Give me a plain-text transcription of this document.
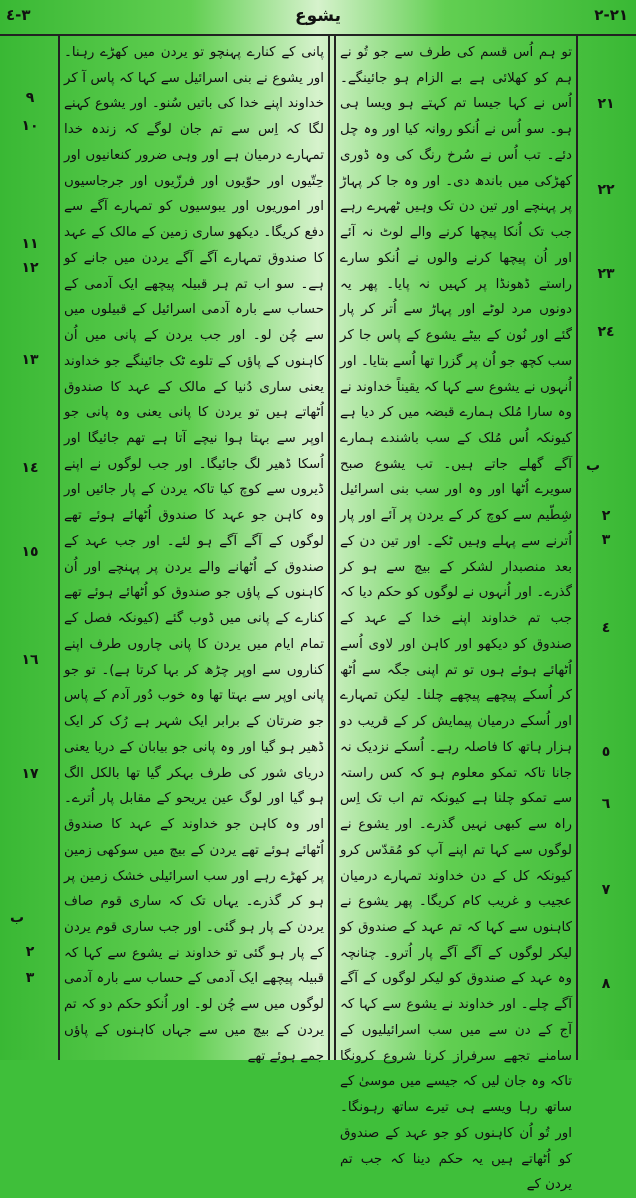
٣-٤	یشوع	٢١-٢
٢١
٢٢
٢٣
٢٤
ب
٢
٣
٤
٥
٦
٧
٨
٩
١٠
١١
١٢
١٣
١٤
١٥
١٦
١٧
ب
٢
٣

تو ہم اُس قسم کی طرف سے جو تُو نے ہم کو کھلائی ہے بے الزام ہو جائینگے۔ اُس نے کہا جیسا تم کہتے ہو ویسا ہی ہو۔ سو اُس نے اُنکو روانہ کیا اور وہ چل دئے۔ تب اُس نے سُرخ رنگ کی وہ ڈوری کھڑکی میں باندھ دی۔ اور وہ جا کر پہاڑ پر پہنچے اور تین دن تک وہیں ٹھہرے رہے جب تک اُنکا پیچھا کرنے والے لوٹ نہ آئے اور اُن پیچھا کرنے والوں نے اُنکو سارے راستے ڈھونڈا پر کہیں نہ پایا۔ پھر یہ دونوں مرد لوٹے اور پہاڑ سے اُتر کر پار گئے اور نُون کے بیٹے یشوع کے پاس جا کر سب کچھ جو اُن پر گزرا تھا اُسے بتایا۔ اور اُنہوں نے یشوع سے کہا کہ یقیناً خداوند نے وہ سارا مُلک ہمارے قبضہ میں کر دیا ہے کیونکہ اُس مُلک کے سب باشندے ہمارے آگے گھلے جاتے ہیں۔ تب یشوع صبح سویرے اُٹھا اور وہ اور سب بنی اسرائیل شِطّیم سے کوچ کر کے یردن پر آئے اور پار اُترنے سے پہلے وہیں ٹکے۔ اور تین دن کے بعد منصبدار لشکر کے بیچ سے ہو کر گذرے۔ اور اُنہوں نے لوگوں کو حکم دیا کہ جب تم خداوند اپنے خدا کے عہد کے صندوق کو دیکھو اور کاہن اور لاوی اُسے اُٹھائے ہوئے ہوں تو تم اپنی جگہ سے اُٹھ کر اُسکے پیچھے پیچھے چلنا۔ لیکن تمہارے اور اُسکے درمیان پیمایش کر کے قریب دو ہزار ہاتھ کا فاصلہ رہے۔ اُسکے نزدیک نہ جانا تاکہ تمکو معلوم ہو کہ کس راستہ سے تمکو چلنا ہے کیونکہ تم اب تک اِس راہ سے کبھی نہیں گذرے۔ اور یشوع نے لوگوں سے کہا تم اپنے آپ کو مُقدّس کرو کیونکہ کل کے دن خداوند تمہارے درمیان عجیب و غریب کام کریگا۔ پھر یشوع نے کاہنوں سے کہا کہ تم عہد کے صندوق کو لیکر لوگوں کے آگے آگے پار اُترو۔ چنانچہ وہ عہد کے صندوق کو لیکر لوگوں کے آگے آگے چلے۔ اور خداوند نے یشوع سے کہا کہ آج کے دن سے میں سب اسرائیلیوں کے سامنے تجھے سرفراز کرنا شروع کرونگا تاکہ وہ جان لیں کہ جیسے میں موسیٰ کے ساتھ رہا ویسے ہی تیرے ساتھ رہونگا۔ اور تُو اُن کاہنوں کو جو عہد کے صندوق کو اُٹھاتے ہیں یہ حکم دینا کہ جب تم یردن کے

پانی کے کنارے پہنچو تو یردن میں کھڑے رہنا۔ اور یشوع نے بنی اسرائیل سے کہا کہ پاس آ کر خداوند اپنے خدا کی باتیں سُنو۔ اور یشوع کہنے لگا کہ اِس سے تم جان لوگے کہ زندہ خدا تمہارے درمیان ہے اور وہی ضرور کنعانیوں اور حِتّیوں اور حوّیوں اور فرزّیوں اور جرجاسیوں اور اموریوں اور یبوسیوں کو تمہارے آگے سے دفع کریگا۔ دیکھو ساری زمین کے مالک کے عہد کا صندوق تمہارے آگے آگے یردن میں جانے کو ہے۔ سو اب تم ہر قبیلہ پیچھے ایک آدمی کے حساب سے بارہ آدمی اسرائیل کے قبیلوں میں سے چُن لو۔ اور جب یردن کے پانی میں اُن کاہنوں کے پاؤں کے تلوے ٹک جائینگے جو خداوند یعنی ساری دُنیا کے مالک کے عہد کا صندوق اُٹھاتے ہیں تو یردن کا پانی یعنی وہ پانی جو اوپر سے بہتا ہوا نیچے آتا ہے تھم جائیگا اور اُسکا ڈھیر لگ جائیگا۔ اور جب لوگوں نے اپنے ڈیروں سے کوچ کیا تاکہ یردن کے پار جائیں اور وہ کاہن جو عہد کا صندوق اُٹھائے ہوئے تھے لوگوں کے آگے آگے ہو لئے۔ اور جب عہد کے صندوق کے اُٹھانے والے یردن پر پہنچے اور اُن کاہنوں کے پاؤں جو صندوق کو اُٹھائے ہوئے تھے کنارے کے پانی میں ڈوب گئے (کیونکہ فصل کے تمام ایام میں یردن کا پانی چاروں طرف اپنے کناروں سے اوپر چڑھ کر بہا کرتا ہے)۔ تو جو پانی اوپر سے بہتا تھا وہ خوب دُور آدم کے پاس جو ضرتان کے برابر ایک شہر ہے رُک کر ایک ڈھیر ہو گیا اور وہ پانی جو بیابان کے دریا یعنی دریای شور کی طرف بہکر گیا تھا بالکل الگ ہو گیا اور لوگ عین یریحو کے مقابل پار اُترے۔ اور وہ کاہن جو خداوند کے عہد کا صندوق اُٹھائے ہوئے تھے یردن کے بیچ میں سوکھی زمین پر کھڑے رہے اور سب اسرائیلی خشک زمین پر ہو کر گذرے۔ یہاں تک کہ ساری قوم صاف یردن کے پار ہو گئی۔ اور جب ساری قوم یردن کے پار ہو گئی تو خداوند نے یشوع سے کہا کہ قبیلہ پیچھے ایک آدمی کے حساب سے بارہ آدمی لوگوں میں سے چُن لو۔ اور اُنکو حکم دو کہ تم یردن کے بیچ میں سے جہاں کاہنوں کے پاؤں جمے ہوئے تھے
